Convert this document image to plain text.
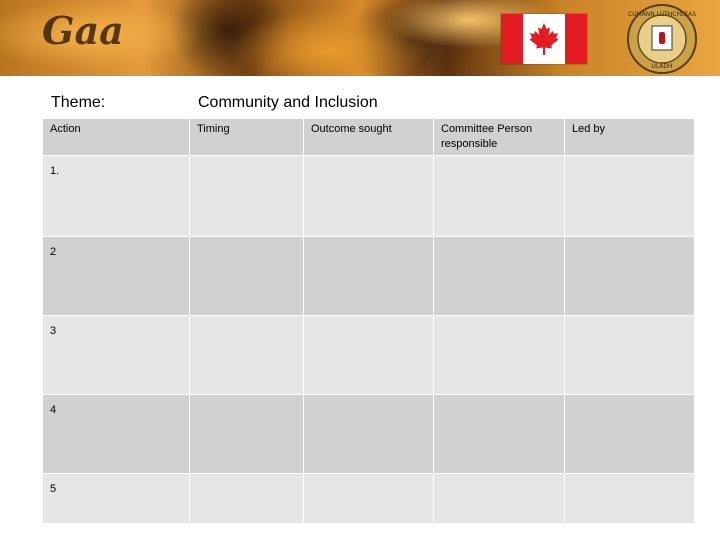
Gaa	CUMANN LÚTHCHLEAS
ULADH
Theme:	Community and Inclusion
Action	Timing	Outcome sought	Committee Person responsible	Led by
1.				
2				
3				
4				
5				
